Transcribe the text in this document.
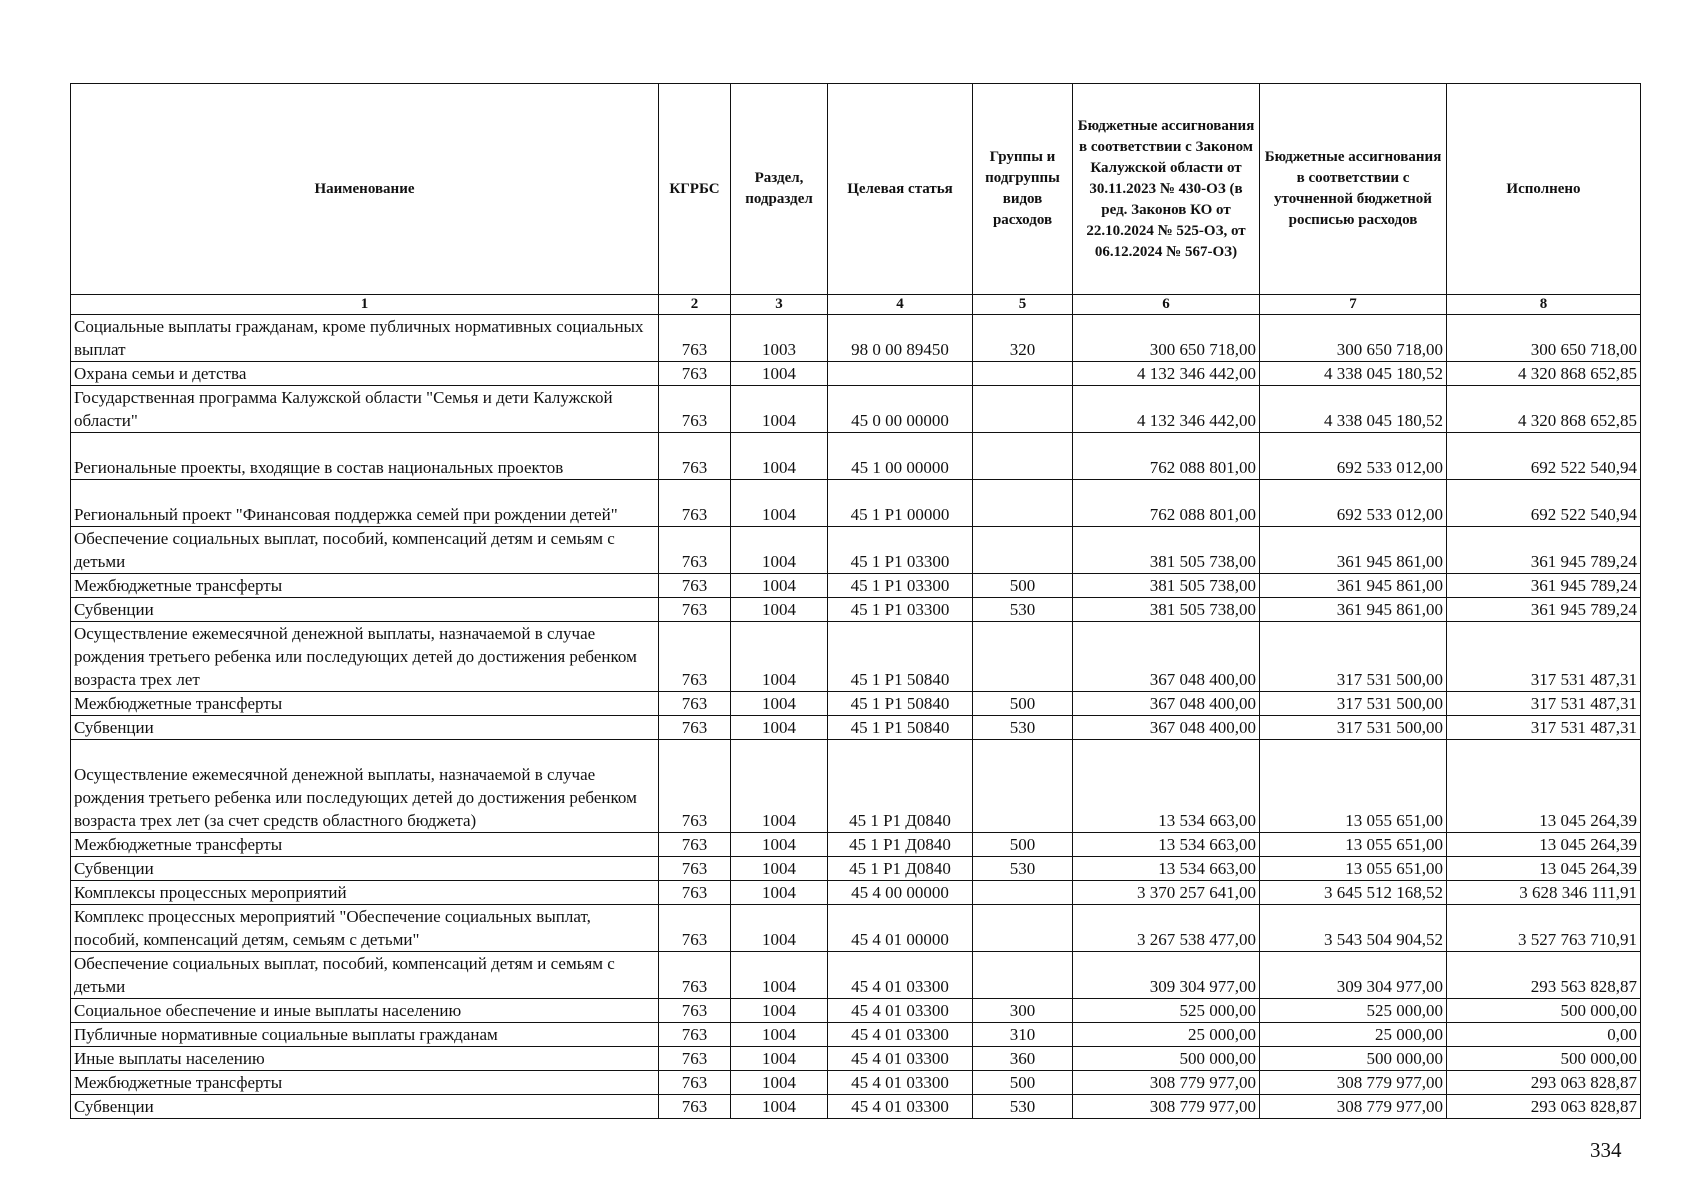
Наименование	КГРБС	Раздел, подраздел	Целевая статья	Группы и подгруппы видов расходов	Бюджетные ассигнования в соответствии с Законом Калужской области от 30.11.2023 № 430-ОЗ (в ред. Законов КО от 22.10.2024 № 525-ОЗ, от 06.12.2024 № 567-ОЗ)	Бюджетные ассигнования в соответствии с уточненной бюджетной росписью расходов	Исполнено
1	2	3	4	5	6	7	8
Социальные выплаты гражданам, кроме публичных нормативных социальных выплат	763	1003	98 0 00 89450	320	300 650 718,00	300 650 718,00	300 650 718,00
Охрана семьи и детства	763	1004			4 132 346 442,00	4 338 045 180,52	4 320 868 652,85
Государственная программа Калужской области "Семья и дети Калужской области"	763	1004	45 0 00 00000		4 132 346 442,00	4 338 045 180,52	4 320 868 652,85
Региональные проекты, входящие в состав национальных проектов	763	1004	45 1 00 00000		762 088 801,00	692 533 012,00	692 522 540,94
Региональный проект "Финансовая поддержка семей при рождении детей"	763	1004	45 1 P1 00000		762 088 801,00	692 533 012,00	692 522 540,94
Обеспечение социальных выплат, пособий, компенсаций детям и семьям с детьми	763	1004	45 1 P1 03300		381 505 738,00	361 945 861,00	361 945 789,24
Межбюджетные трансферты	763	1004	45 1 P1 03300	500	381 505 738,00	361 945 861,00	361 945 789,24
Субвенции	763	1004	45 1 P1 03300	530	381 505 738,00	361 945 861,00	361 945 789,24
Осуществление ежемесячной денежной выплаты, назначаемой в случае рождения третьего ребенка или последующих детей до достижения ребенком возраста трех лет	763	1004	45 1 P1 50840		367 048 400,00	317 531 500,00	317 531 487,31
Межбюджетные трансферты	763	1004	45 1 P1 50840	500	367 048 400,00	317 531 500,00	317 531 487,31
Субвенции	763	1004	45 1 P1 50840	530	367 048 400,00	317 531 500,00	317 531 487,31
Осуществление ежемесячной денежной выплаты, назначаемой в случае рождения третьего ребенка или последующих детей до достижения ребенком возраста трех лет (за счет средств областного бюджета)	763	1004	45 1 P1 Д0840		13 534 663,00	13 055 651,00	13 045 264,39
Межбюджетные трансферты	763	1004	45 1 P1 Д0840	500	13 534 663,00	13 055 651,00	13 045 264,39
Субвенции	763	1004	45 1 P1 Д0840	530	13 534 663,00	13 055 651,00	13 045 264,39
Комплексы процессных мероприятий	763	1004	45 4 00 00000		3 370 257 641,00	3 645 512 168,52	3 628 346 111,91
Комплекс процессных мероприятий "Обеспечение социальных выплат, пособий, компенсаций детям, семьям с детьми"	763	1004	45 4 01 00000		3 267 538 477,00	3 543 504 904,52	3 527 763 710,91
Обеспечение социальных выплат, пособий, компенсаций детям и семьям с детьми	763	1004	45 4 01 03300		309 304 977,00	309 304 977,00	293 563 828,87
Социальное обеспечение и иные выплаты населению	763	1004	45 4 01 03300	300	525 000,00	525 000,00	500 000,00
Публичные нормативные социальные выплаты гражданам	763	1004	45 4 01 03300	310	25 000,00	25 000,00	0,00
Иные выплаты населению	763	1004	45 4 01 03300	360	500 000,00	500 000,00	500 000,00
Межбюджетные трансферты	763	1004	45 4 01 03300	500	308 779 977,00	308 779 977,00	293 063 828,87
Субвенции	763	1004	45 4 01 03300	530	308 779 977,00	308 779 977,00	293 063 828,87
334
